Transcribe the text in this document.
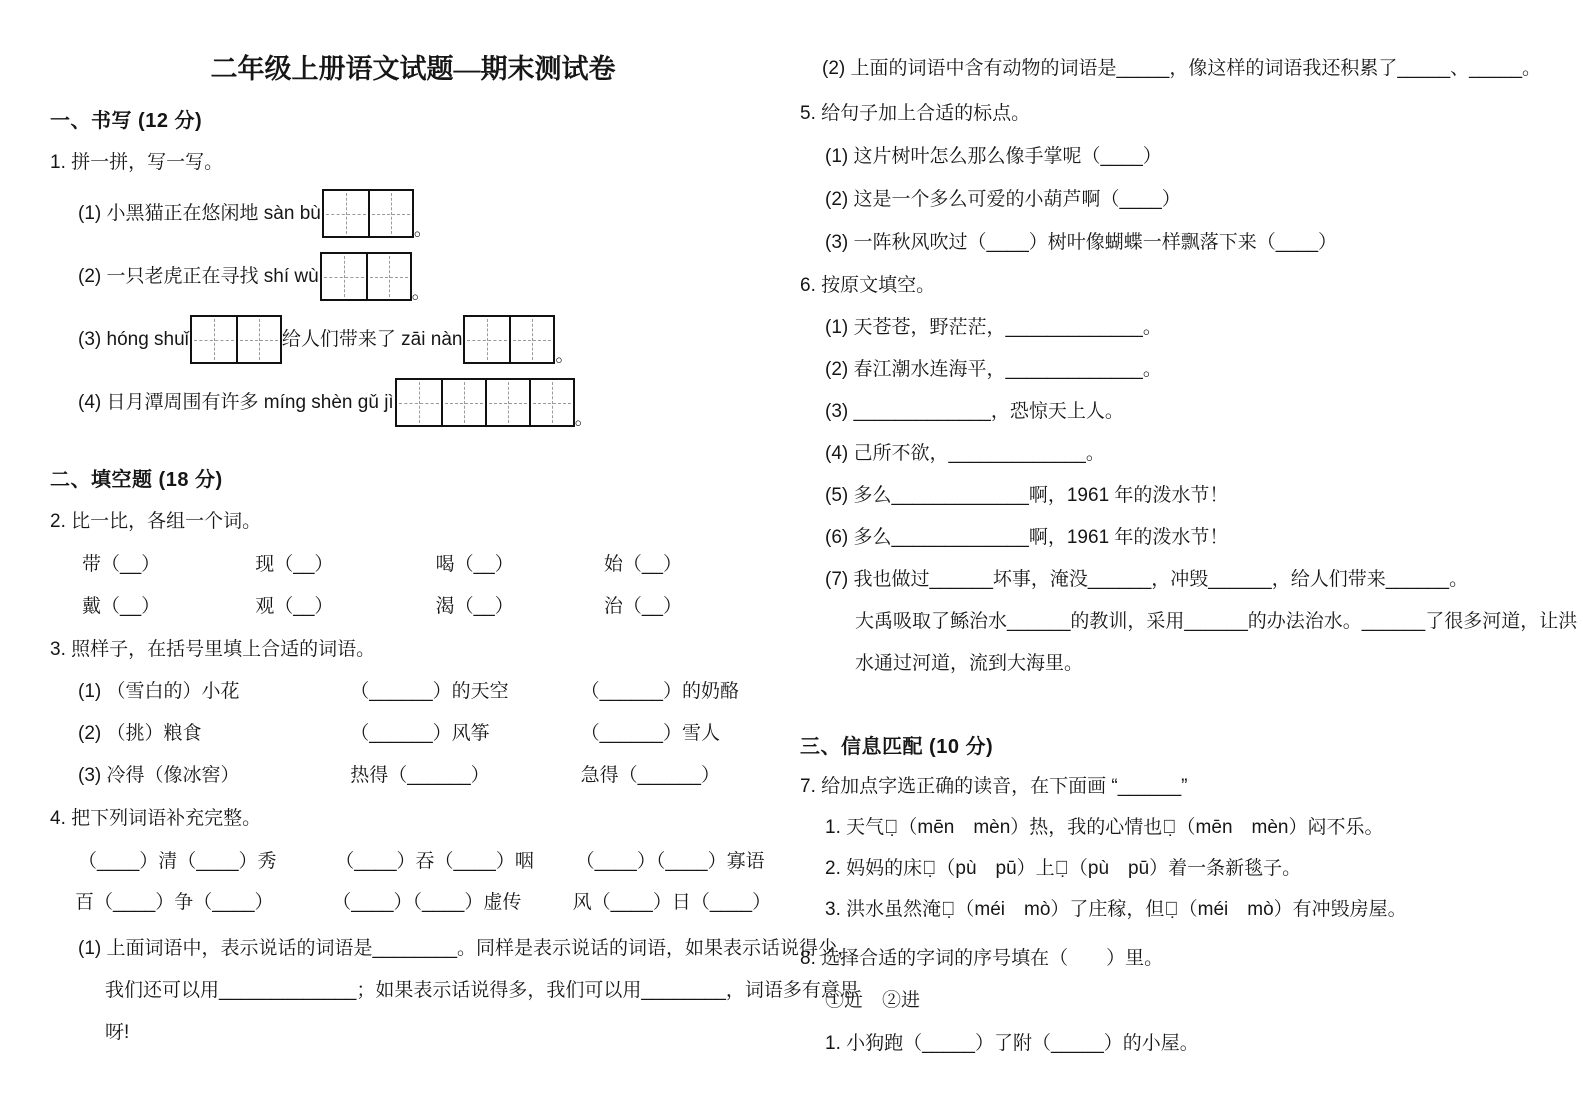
二年级上册语文试题—期末测试卷
一、书写 (12 分)
1. 拼一拼，写一写。
(1) 小黑猫正在悠闲地 sàn bù
。
(2) 一只老虎正在寻找 shí wù
。
(3) hóng shuǐ	给人们带来了 zāi nàn
。
(4) 日月潭周围有许多 míng shèn gǔ jì
。
二、填空题 (18 分)
2. 比一比，各组一个词。
带（__）	现（__）	喝（__）	始（__）
戴（__）	观（__）	渴（__）	治（__）
3. 照样子，在括号里填上合适的词语。
(1) （雪白的）小花	（______）的天空	（______）的奶酪
(2) （挑）粮食	（______）风筝	（______）雪人
(3) 冷得（像冰窖）	热得（______）	急得（______）
4. 把下列词语补充完整。
（____）清（____）秀	（____）吞（____）咽 （____）（____）寡语
百（____）争（____）	（____）（____）虚传	风（____）日（____）
(1) 上面词语中，表示说话的词语是________。同样是表示说话的词语，如果表示话说得少，
我们还可以用_____________；如果表示话说得多，我们可以用________，词语多有意思
呀!
(2) 上面的词语中含有动物的词语是_____，像这样的词语我还积累了_____、_____。
5. 给句子加上合适的标点。
(1) 这片树叶怎么那么像手掌呢（____）
(2) 这是一个多么可爱的小葫芦啊（____）
(3) 一阵秋风吹过（____）树叶像蝴蝶一样飘落下来（____）
6. 按原文填空。
(1) 天苍苍，野茫茫，_____________。
(2) 春江潮水连海平，_____________。
(3) _____________，恐惊天上人。
(4) 己所不欲，_____________。
(5) 多么_____________啊，1961 年的泼水节！
(6) 多么_____________啊，1961 年的泼水节！
(7) 我也做过______坏事，淹没______，冲毁______，给人们带来______。
大禹吸取了鲧治水______的教训，采用______的办法治水。______了很多河道，让洪
水通过河道，流到大海里。
三、信息匹配 (10 分)
7. 给加点字选正确的读音，在下面画 “______”
1. 天气闷̣（mēn　mèn）热，我的心情也闷̣（mēn　mèn）闷不乐。
2. 妈妈的床铺̣（pù　pū）上铺̣（pù　pū）着一条新毯子。
3. 洪水虽然淹没̣（méi　mò）了庄稼，但没̣（méi　mò）有冲毁房屋。
8. 选择合适的字词的序号填在（　　）里。
①近　②进
1. 小狗跑（_____）了附（_____）的小屋。
